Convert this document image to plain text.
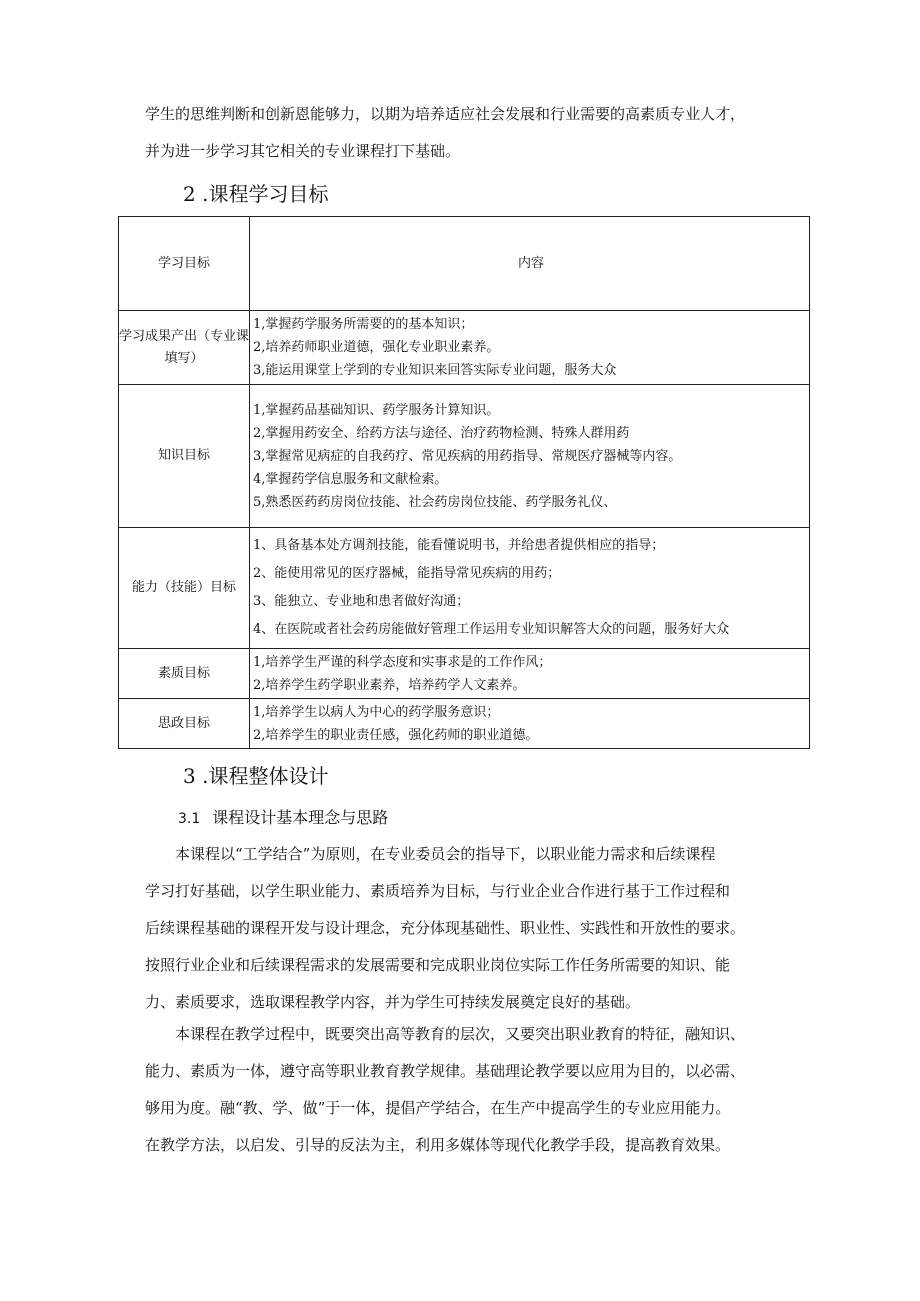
学生的思维判断和创新恩能够力，以期为培养适应社会发展和行业需要的高素质专业人才，
并为进一步学习其它相关的专业课程打下基础。

2 .课程学习目标
学习目标	内容
学习成果产出（专业课填写）	1,掌握药学服务所需要的的基本知识；
2,培养药师职业道德，强化专业职业素养。
3,能运用课堂上学到的专业知识来回答实际专业问题，服务大众

知识目标	1,掌握药品基础知识、药学服务计算知识。
2,掌握用药安全、给药方法与途径、治疗药物检测、特殊人群用药
3,掌握常见病症的自我药疗、常见疾病的用药指导、常规医疗器械等内容。
4,掌握药学信息服务和文献检索。
5,熟悉医药药房岗位技能、社会药房岗位技能、药学服务礼仪、

能力（技能）目标	1、具备基本处方调剂技能，能看懂说明书，并给患者提供相应的指导；
2、能使用常见的医疗器械，能指导常见疾病的用药；
3、能独立、专业地和患者做好沟通；
4、在医院或者社会药房能做好管理工作运用专业知识解答大众的问题，服务好大众

素质目标	1,培养学生严谨的科学态度和实事求是的工作作风；
2,培养学生药学职业素养，培养药学人文素养。

思政目标	1,培养学生以病人为中心的药学服务意识；
2,培养学生的职业责任感，强化药师的职业道德。
3 .课程整体设计
3.1 课程设计基本理念与思路

本课程以“工学结合”为原则，在专业委员会的指导下，以职业能力需求和后续课程
学习打好基础，以学生职业能力、素质培养为目标，与行业企业合作进行基于工作过程和
后续课程基础的课程开发与设计理念，充分体现基础性、职业性、实践性和开放性的要求。
按照行业企业和后续课程需求的发展需要和完成职业岗位实际工作任务所需要的知识、能
力、素质要求，选取课程教学内容，并为学生可持续发展奠定良好的基础。

本课程在教学过程中，既要突出高等教育的层次，又要突出职业教育的特征，融知识、
能力、素质为一体，遵守高等职业教育教学规律。基础理论教学要以应用为目的，以必需、
够用为度。融“教、学、做”于一体，提倡产学结合，在生产中提高学生的专业应用能力。
在教学方法，以启发、引导的反法为主，利用多媒体等现代化教学手段，提高教育效果。
